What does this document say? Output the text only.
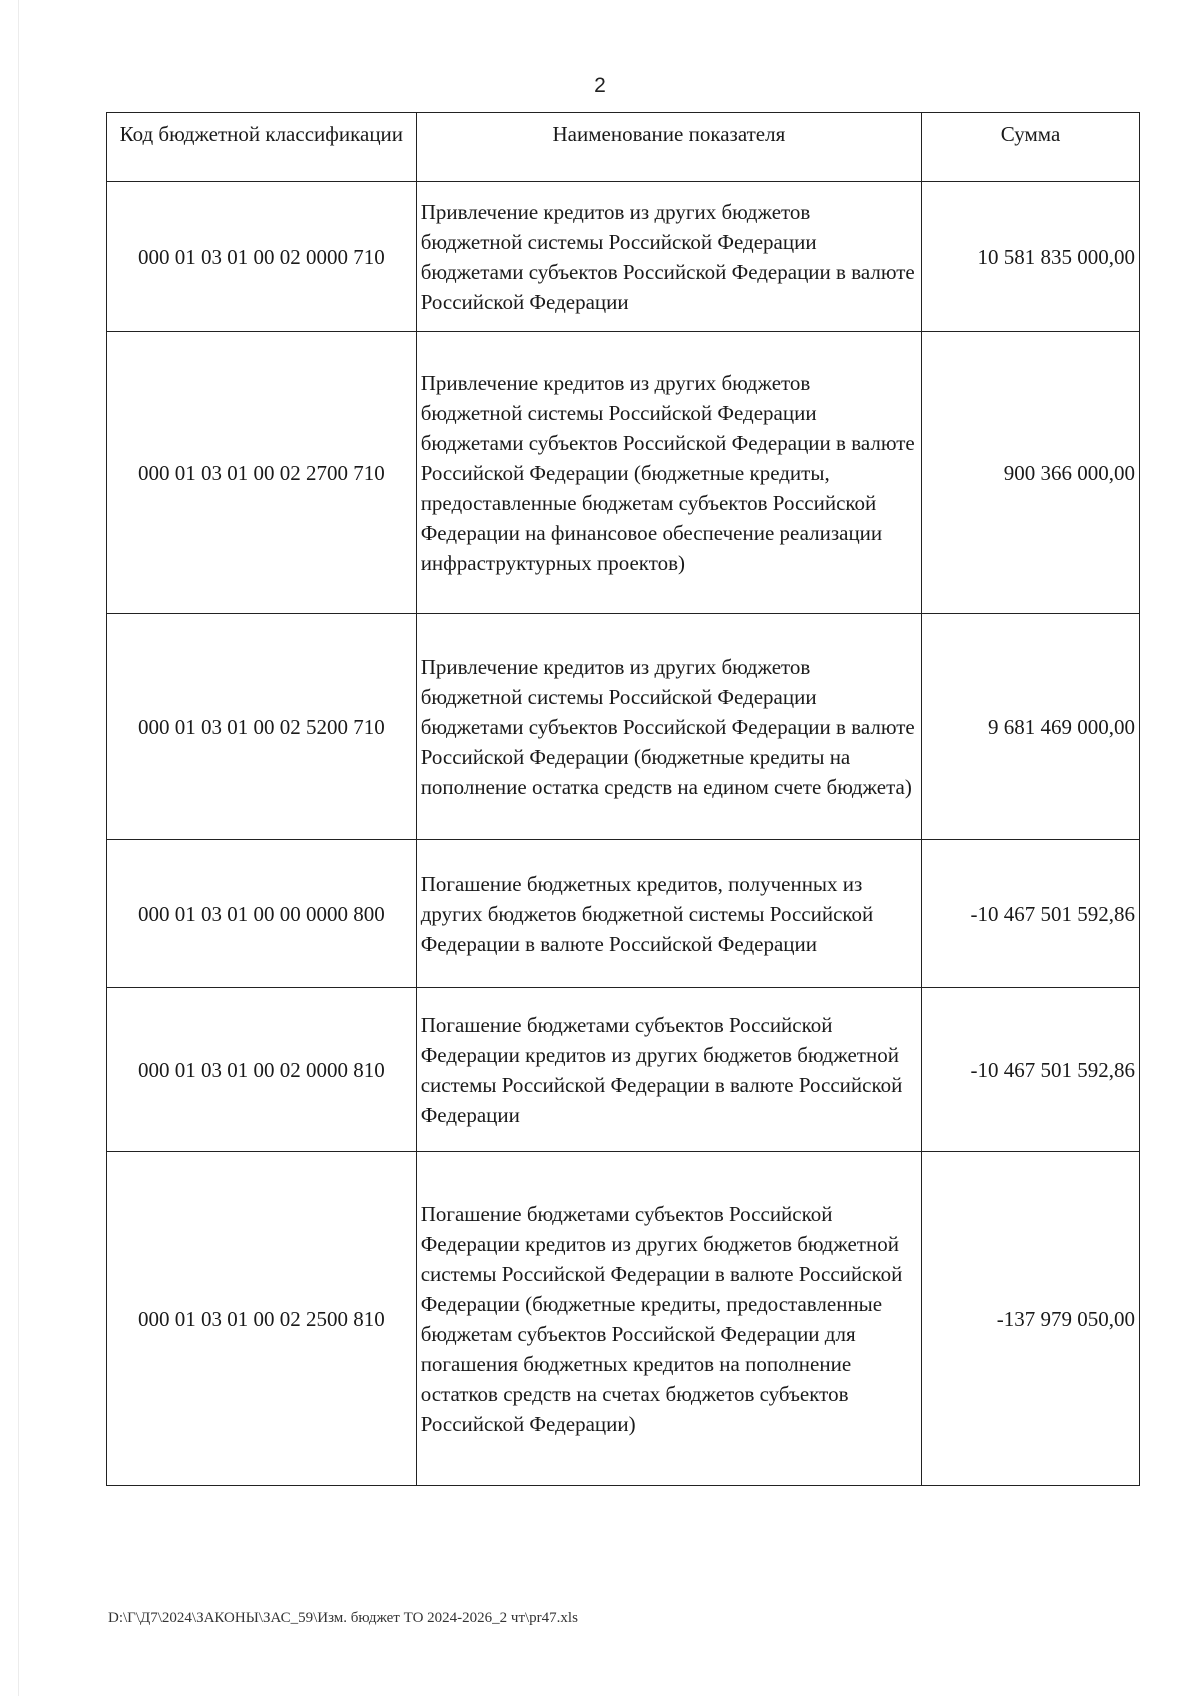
2
Код бюджетной классификации	Наименование показателя	Сумма
000 01 03 01 00 02 0000 710	Привлечение кредитов из других бюджетов бюджетной системы Российской Федерации бюджетами субъектов Российской Федерации в валюте Российской Федерации	10 581 835 000,00
000 01 03 01 00 02 2700 710	Привлечение кредитов из других бюджетов бюджетной системы Российской Федерации бюджетами субъектов Российской Федерации в валюте Российской Федерации (бюджетные кредиты, предоставленные бюджетам субъектов Российской Федерации на финансовое обеспечение реализации инфраструктурных проектов)	900 366 000,00
000 01 03 01 00 02 5200 710	Привлечение кредитов из других бюджетов бюджетной системы Российской Федерации бюджетами субъектов Российской Федерации в валюте Российской Федерации (бюджетные кредиты на пополнение остатка средств на едином счете бюджета)	9 681 469 000,00
000 01 03 01 00 00 0000 800	Погашение бюджетных кредитов, полученных из других бюджетов бюджетной системы Российской Федерации в валюте Российской Федерации	-10 467 501 592,86
000 01 03 01 00 02 0000 810	Погашение бюджетами субъектов Российской Федерации кредитов из других бюджетов бюджетной системы Российской Федерации в валюте Российской Федерации	-10 467 501 592,86
000 01 03 01 00 02 2500 810	Погашение бюджетами субъектов Российской Федерации кредитов из других бюджетов бюджетной системы Российской Федерации в валюте Российской Федерации (бюджетные кредиты, предоставленные бюджетам субъектов Российской Федерации для погашения бюджетных кредитов на пополнение остатков средств на счетах бюджетов субъектов Российской Федерации)	-137 979 050,00
D:\Г\Д7\2024\ЗАКОНЫ\ЗАС_59\Изм. бюджет ТО 2024-2026_2 чт\pr47.xls
